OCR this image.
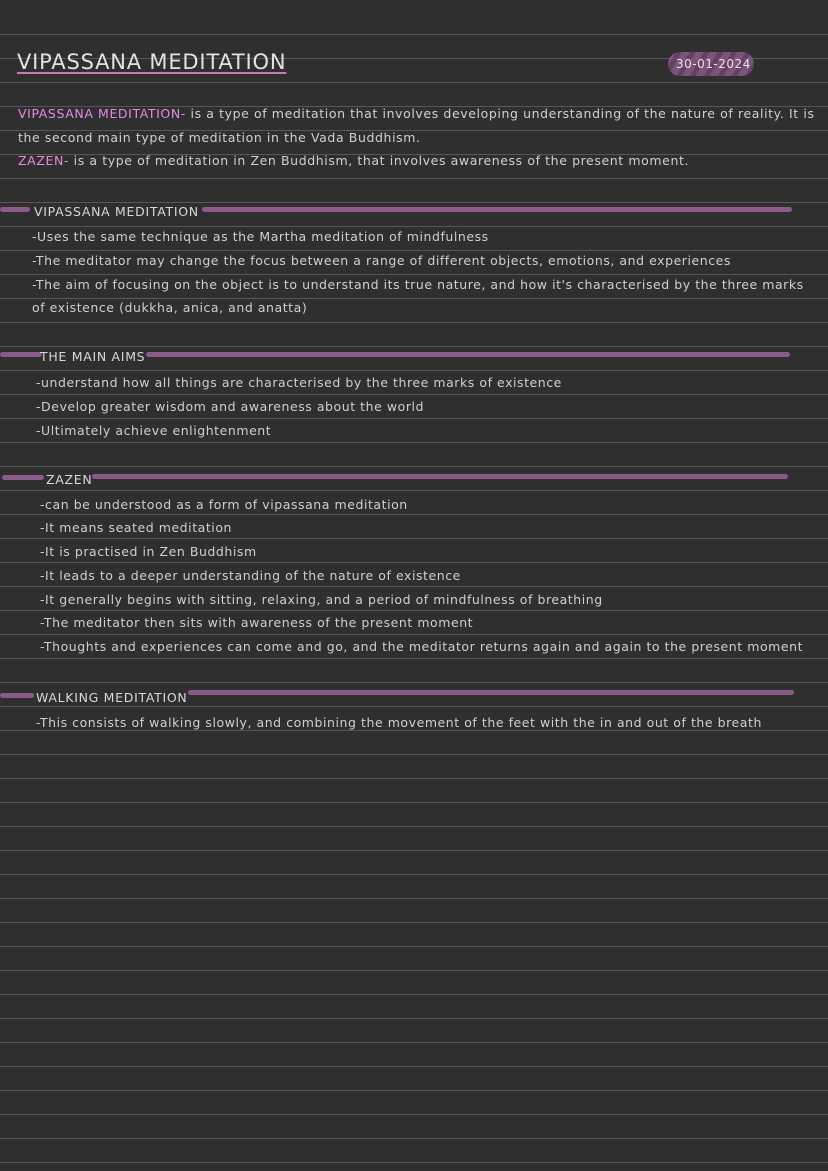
VIPASSANA MEDITATION	30-01-2024
VIPASSANA MEDITATION- is a type of meditation that involves developing understanding of the nature of reality. It is
the second main type of meditation in the Vada Buddhism.
ZAZEN- is a type of meditation in Zen Buddhism, that involves awareness of the present moment.
VIPASSANA MEDITATION
-Uses the same technique as the Martha meditation of mindfulness
-The meditator may change the focus between a range of different objects, emotions, and experiences
-The aim of focusing on the object is to understand its true nature, and how it's characterised by the three marks
of existence (dukkha, anica, and anatta)
THE MAIN AIMS
-understand how all things are characterised by the three marks of existence
-Develop greater wisdom and awareness about the world
-Ultimately achieve enlightenment
ZAZEN
-can be understood as a form of vipassana meditation
-It means seated meditation
-It is practised in Zen Buddhism
-It leads to a deeper understanding of the nature of existence
-It generally begins with sitting, relaxing, and a period of mindfulness of breathing
-The meditator then sits with awareness of the present moment
-Thoughts and experiences can come and go, and the meditator returns again and again to the present moment
WALKING MEDITATION
-This consists of walking slowly, and combining the movement of the feet with the in and out of the breath
